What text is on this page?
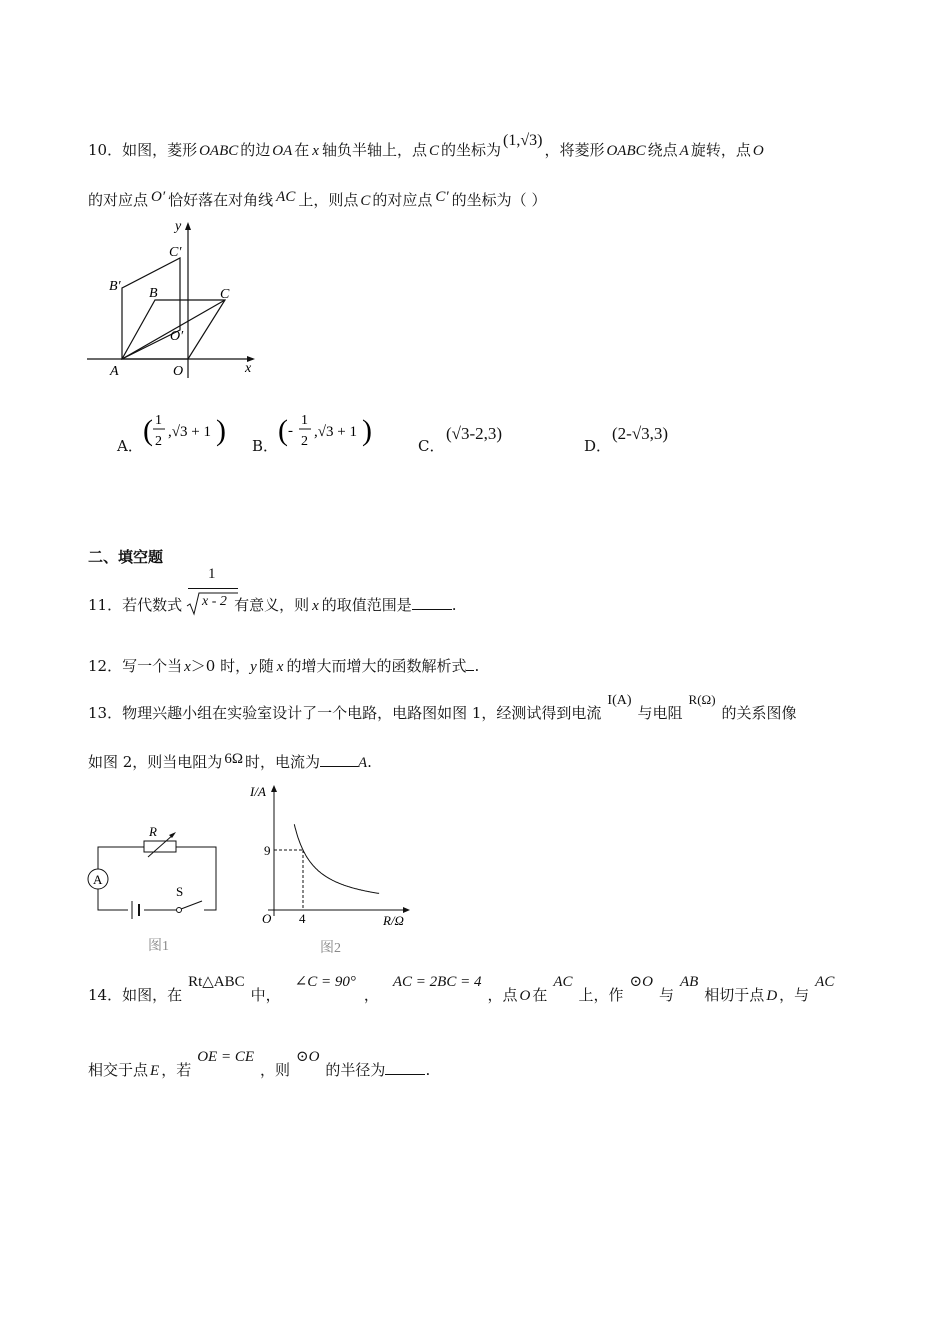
10．如图，菱形 OABC 的边 OA 在 x 轴负半轴上，点 C 的坐标为(1,√3)，将菱形 OABC 绕点 A 旋转，点 O
的对应点 O′ 恰好落在对角线 AC 上，则点 C 的对应点 C′ 的坐标为（ ）
y
C′
B′ B	C
O′
A	O	x
A． ( 1
2
,√3 + 1 ) B． ( -
1
2
,√3 + 1 )	C．
(√3-2,3)
D．
(2-√3,3)
二、填空题
11．若代数式	有意义，则 x 的取值范围是	.
1
x - 2
12．写一个当 x＞0 时，y 随 x 的增大而增大的函数解析式 .
13．物理兴趣小组在实验室设计了一个电路，电路图如图 1，经测试得到电流I(A)与电阻R(Ω)的关系图像
如图 2，则当电阻为 6Ω 时，电流为	A.
R
A
S
图1
I/A
R/Ω
O
9
4
图2
14．如图，在Rt△ABC中，∠C = 90°，AC = 2BC = 4，点 O 在AC上，作⊙O与AB相切于点 D ，与AC
相交于点 E ，若OE = CE，则⊙O的半径为	.
